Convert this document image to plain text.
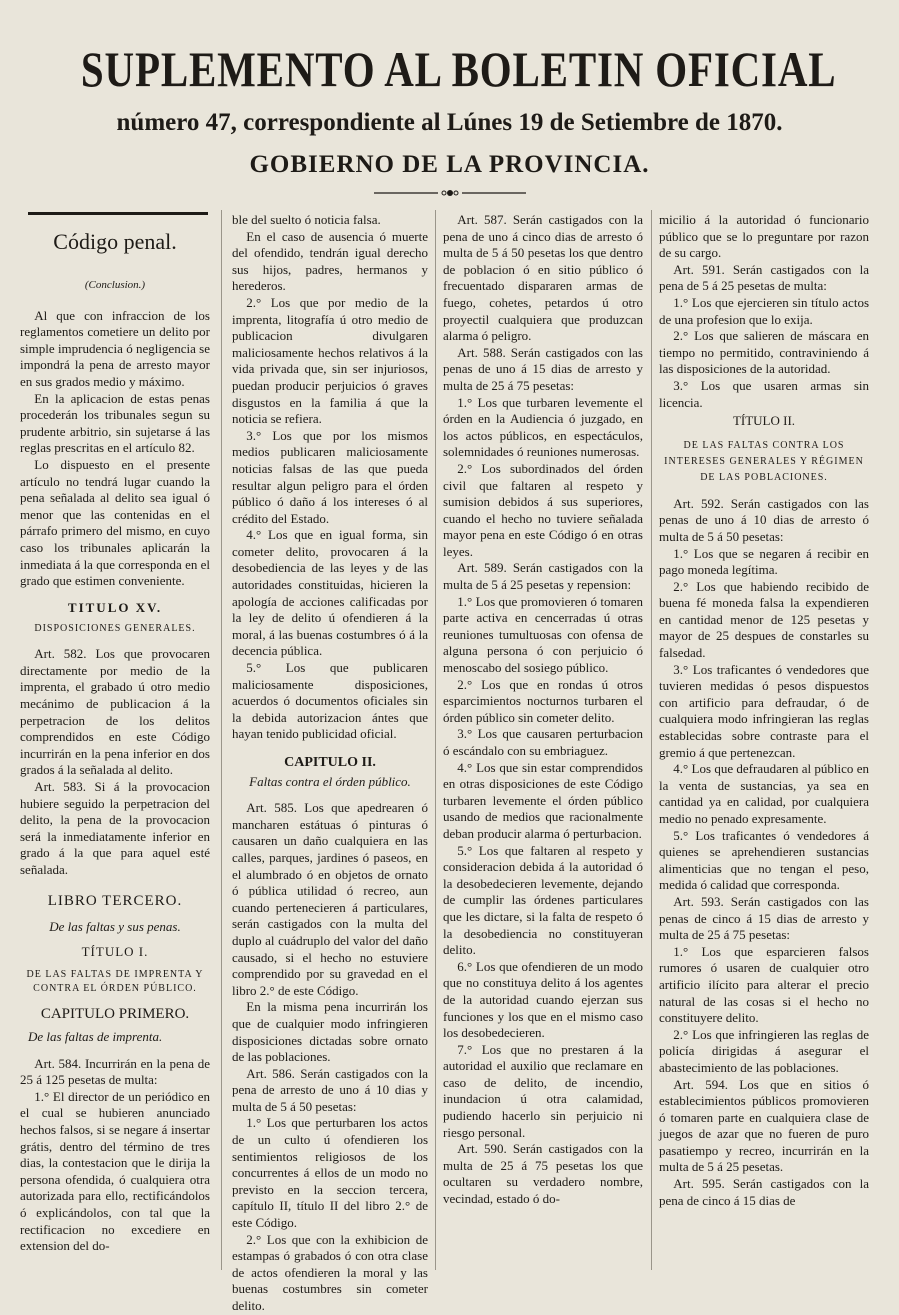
SUPLEMENTO AL BOLETIN OFICIAL
número 47, correspondiente al Lúnes 19 de Setiembre de 1870.
GOBIERNO DE LA PROVINCIA.
Código penal.
(Conclusion.)

Al que con infraccion de los reglamentos cometiere un delito por simple imprudencia ó negligencia se impondrá la pena de arresto mayor en sus grados medio y máximo.

En la aplicacion de estas penas procederán los tribunales segun su prudente arbitrio, sin sujetarse á las reglas prescritas en el artículo 82.

Lo dispuesto en el presente artículo no tendrá lugar cuando la pena señalada al delito sea igual ó menor que las contenidas en el párrafo primero del mismo, en cuyo caso los tribunales aplicarán la inmediata á la que corresponda en el grado que estimen conveniente.

TITULO XV.
DISPOSICIONES GENERALES.

Art. 582. Los que provocaren directamente por medio de la imprenta, el grabado ú otro medio mecánimo de publicacion á la perpetracion de los delitos comprendidos en este Código incurrirán en la pena inferior en dos grados á la señalada al delito.

Art. 583. Si á la provocacion hubiere seguido la perpetracion del delito, la pena de la provocacion será la inmediatamente inferior en grado á la que para aquel esté señalada.

LIBRO TERCERO.
De las faltas y sus penas.
TÍTULO I.
DE LAS FALTAS DE IMPRENTA Y CONTRA EL ÓRDEN PÚBLICO.
CAPITULO PRIMERO.
De las faltas de imprenta.

Art. 584. Incurrirán en la pena de 25 á 125 pesetas de multa:

1.° El director de un periódico en el cual se hubieren anunciado hechos falsos, si se negare á insertar grátis, dentro del término de tres dias, la contestacion que le dirija la persona ofendida, ó cualquiera otra autorizada para ello, rectificándolos ó explicándolos, con tal que la rectificacion no excediere en extension del do-

ble del suelto ó noticia falsa.

En el caso de ausencia ó muerte del ofendido, tendrán igual derecho sus hijos, padres, hermanos y herederos.

2.° Los que por medio de la imprenta, litografía ú otro medio de publicacion divulgaren maliciosamente hechos relativos á la vida privada que, sin ser injuriosos, puedan producir perjuicios ó graves disgustos en la familia á que la noticia se refiera.

3.° Los que por los mismos medios publicaren maliciosamente noticias falsas de las que pueda resultar algun peligro para el órden público ó daño á los intereses ó al crédito del Estado.

4.° Los que en igual forma, sin cometer delito, provocaren á la desobediencia de las leyes y de las autoridades constituidas, hicieren la apología de acciones calificadas por la ley de delito ú ofendieren á la moral, á las buenas costumbres ó á la decencia pública.

5.° Los que publicaren maliciosamente disposiciones, acuerdos ó documentos oficiales sin la debida autorizacion ántes que hayan tenido publicidad oficial.

CAPITULO II.
Faltas contra el órden público.

Art. 585. Los que apedrearen ó mancharen estátuas ó pinturas ó causaren un daño cualquiera en las calles, parques, jardines ó paseos, en el alumbrado ó en objetos de ornato ó pública utilidad ó recreo, aun cuando pertenecieren á particulares, serán castigados con la multa del duplo al cuádruplo del valor del daño causado, si el hecho no estuviere comprendido por su gravedad en el libro 2.° de este Código.

En la misma pena incurrirán los que de cualquier modo infringieren disposiciones dictadas sobre ornato de las poblaciones.

Art. 586. Serán castigados con la pena de arresto de uno á 10 dias y multa de 5 á 50 pesetas:

1.° Los que perturbaren los actos de un culto ú ofendieren los sentimientos religiosos de los concurrentes á ellos de un modo no previsto en la seccion tercera, capítulo II, título II del libro 2.° de este Código.

2.° Los que con la exhibicion de estampas ó grabados ó con otra clase de actos ofendieren la moral y las buenas costumbres sin cometer delito.

Art. 587. Serán castigados con la pena de uno á cinco dias de arresto ó multa de 5 á 50 pesetas los que dentro de poblacion ó en sitio público ó frecuentado dispararen armas de fuego, cohetes, petardos ú otro proyectil cualquiera que produzcan alarma ó peligro.

Art. 588. Serán castigados con las penas de uno á 15 dias de arresto y multa de 25 á 75 pesetas:

1.° Los que turbaren levemente el órden en la Audiencia ó juzgado, en los actos públicos, en espectáculos, solemnidades ó reuniones numerosas.

2.° Los subordinados del órden civil que faltaren al respeto y sumision debidos á sus superiores, cuando el hecho no tuviere señalada mayor pena en este Código ó en otras leyes.

Art. 589. Serán castigados con la multa de 5 á 25 pesetas y repension:

1.° Los que promovieren ó tomaren parte activa en cencerradas ú otras reuniones tumultuosas con ofensa de alguna persona ó con perjuicio ó menoscabo del sosiego público.

2.° Los que en rondas ú otros esparcimientos nocturnos turbaren el órden público sin cometer delito.

3.° Los que causaren perturbacion ó escándalo con su embriaguez.

4.° Los que sin estar comprendidos en otras disposiciones de este Código turbaren levemente el órden público usando de medios que racionalmente deban producir alarma ó perturbacion.

5.° Los que faltaren al respeto y consideracion debida á la autoridad ó la desobedecieren levemente, dejando de cumplir las órdenes particulares que les dictare, si la falta de respeto ó la desobediencia no constituyeran delito.

6.° Los que ofendieren de un modo que no constituya delito á los agentes de la autoridad cuando ejerzan sus funciones y los que en el mismo caso los desobedecieren.

7.° Los que no prestaren á la autoridad el auxilio que reclamare en caso de delito, de incendio, inundacion ú otra calamidad, pudiendo hacerlo sin perjuicio ni riesgo personal.

Art. 590. Serán castigados con la multa de 25 á 75 pesetas los que ocultaren su verdadero nombre, vecindad, estado ó do-

micilio á la autoridad ó funcionario público que se lo preguntare por razon de su cargo.

Art. 591. Serán castigados con la pena de 5 á 25 pesetas de multa:

1.° Los que ejercieren sin título actos de una profesion que lo exija.

2.° Los que salieren de máscara en tiempo no permitido, contraviniendo á las disposiciones de la autoridad.

3.° Los que usaren armas sin licencia.

TÍTULO II.
DE LAS FALTAS CONTRA LOS INTERESES GENERALES Y RÉGIMEN DE LAS POBLACIONES.

Art. 592. Serán castigados con las penas de uno á 10 dias de arresto ó multa de 5 á 50 pesetas:

1.° Los que se negaren á recibir en pago moneda legítima.

2.° Los que habiendo recibido de buena fé moneda falsa la expendieren en cantidad menor de 125 pesetas y mayor de 25 despues de constarles su falsedad.

3.° Los traficantes ó vendedores que tuvieren medidas ó pesos dispuestos con artificio para defraudar, ó de cualquiera modo infringieran las reglas establecidas sobre contraste para el gremio á que pertenezcan.

4.° Los que defraudaren al público en la venta de sustancias, ya sea en cantidad ya en calidad, por cualquiera medio no penado expresamente.

5.° Los traficantes ó vendedores á quienes se aprehendieren sustancias alimenticias que no tengan el peso, medida ó calidad que corresponda.

Art. 593. Serán castigados con las penas de cinco á 15 dias de arresto y multa de 25 á 75 pesetas:

1.° Los que esparcieren falsos rumores ó usaren de cualquier otro artificio ilícito para alterar el precio natural de las cosas si el hecho no constituyere delito.

2.° Los que infringieren las reglas de policía dirigidas á asegurar el abastecimiento de las poblaciones.

Art. 594. Los que en sitios ó establecimientos públicos promovieren ó tomaren parte en cualquiera clase de juegos de azar que no fueren de puro pasatiempo y recreo, incurrirán en la multa de 5 á 25 pesetas.

Art. 595. Serán castigados con la pena de cinco á 15 dias de
